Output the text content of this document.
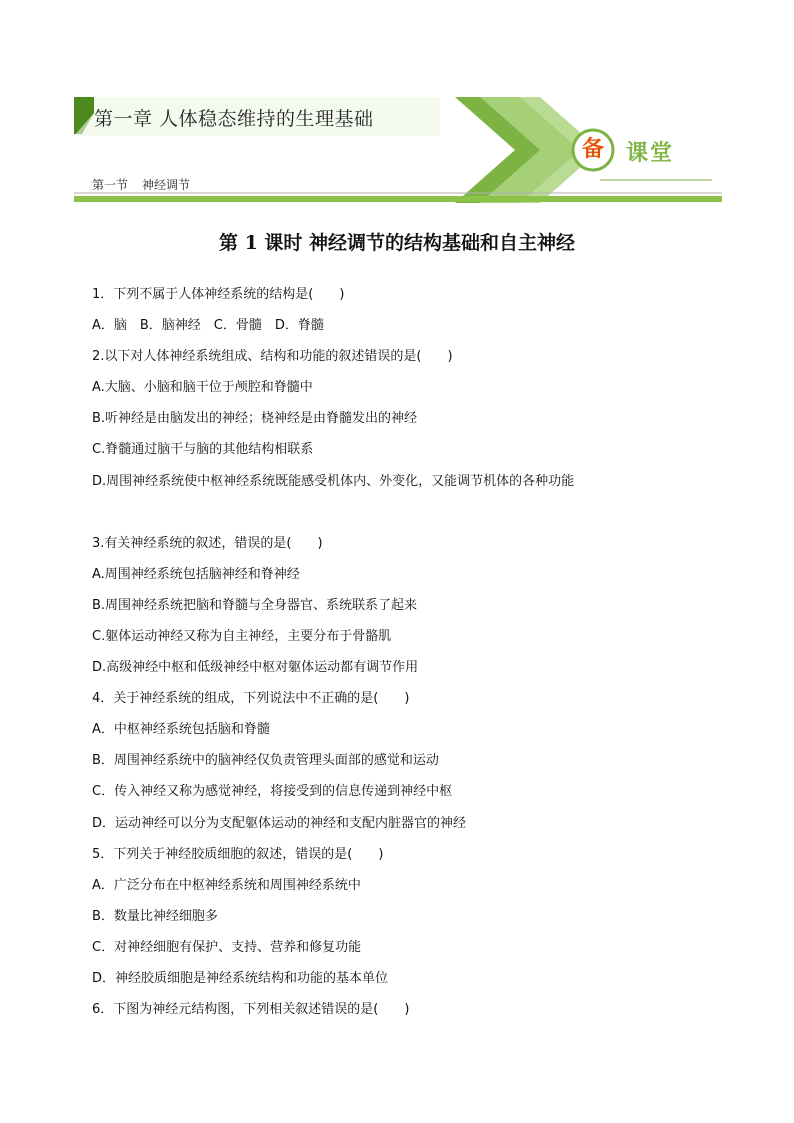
第一章 人体稳态维持的生理基础
第一节 神经调节
备	课堂
第 1 课时 神经调节的结构基础和自主神经
1．下列不属于人体神经系统的结构是(　　)
A．脑　B．脑神经　C．骨髓　D．脊髓
2.以下对人体神经系统组成、结构和功能的叙述错误的是(　　)
A.大脑、小脑和脑干位于颅腔和脊髓中
B.听神经是由脑发出的神经；桡神经是由脊髓发出的神经
C.脊髓通过脑干与脑的其他结构相联系
D.周围神经系统使中枢神经系统既能感受机体内、外变化，又能调节机体的各种功能
3.有关神经系统的叙述，错误的是(　　)
A.周围神经系统包括脑神经和脊神经
B.周围神经系统把脑和脊髓与全身器官、系统联系了起来
C.躯体运动神经又称为自主神经，主要分布于骨骼肌
D.高级神经中枢和低级神经中枢对躯体运动都有调节作用
4．关于神经系统的组成，下列说法中不正确的是(　　)
A．中枢神经系统包括脑和脊髓
B．周围神经系统中的脑神经仅负责管理头面部的感觉和运动
C．传入神经又称为感觉神经，将接受到的信息传递到神经中枢
D．运动神经可以分为支配躯体运动的神经和支配内脏器官的神经
5．下列关于神经胶质细胞的叙述，错误的是(　　)
A．广泛分布在中枢神经系统和周围神经系统中
B．数量比神经细胞多
C．对神经细胞有保护、支持、营养和修复功能
D．神经胶质细胞是神经系统结构和功能的基本单位
6．下图为神经元结构图，下列相关叙述错误的是(　　)
